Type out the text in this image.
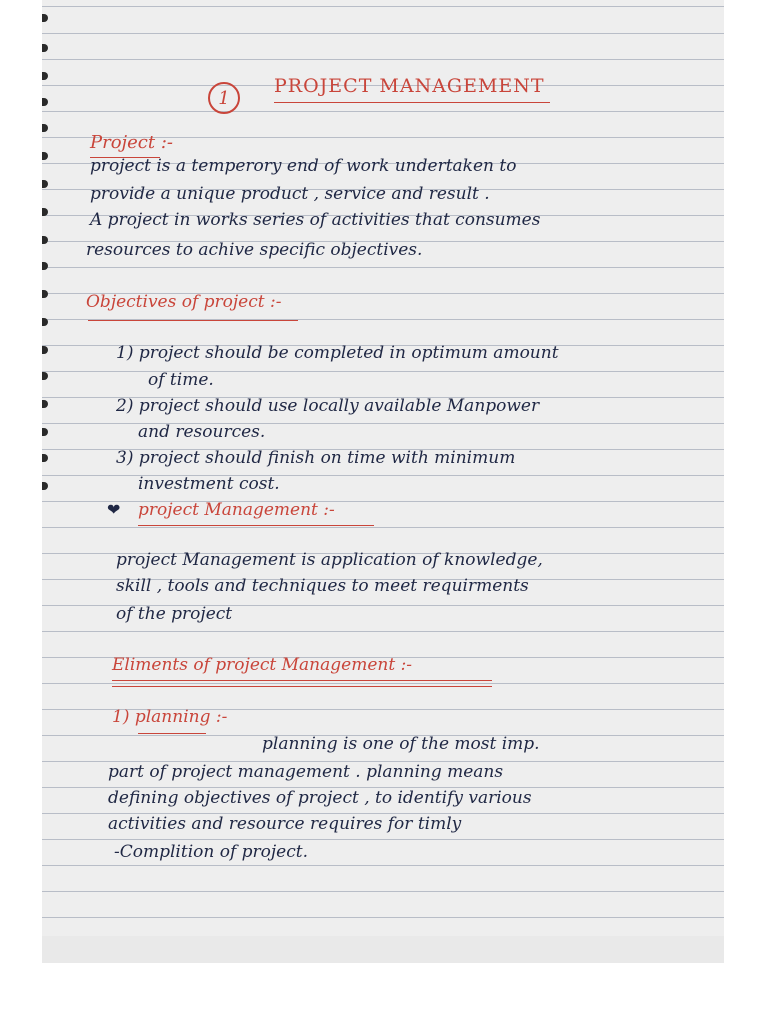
1
PROJECT MANAGEMENT
Project :-
project is a temperory end of work undertaken to
provide a unique product , service and result .
A project in works series of activities that consumes
resources to achive specific objectives.
Objectives of project :-
1) project should be completed in optimum amount
of time.
2) project should use locally available Manpower
and resources.
3) project should finish on time with minimum
investment cost.
❤ project Management :-
project Management is application of knowledge,
skill , tools and techniques to meet requirments
of the project
Eliments of project Management :-
1) planning :-
planning is one of the most imp.
part of project management . planning means
defining objectives of project , to identify various
activities and resource requires for timly
-Complition of project.
